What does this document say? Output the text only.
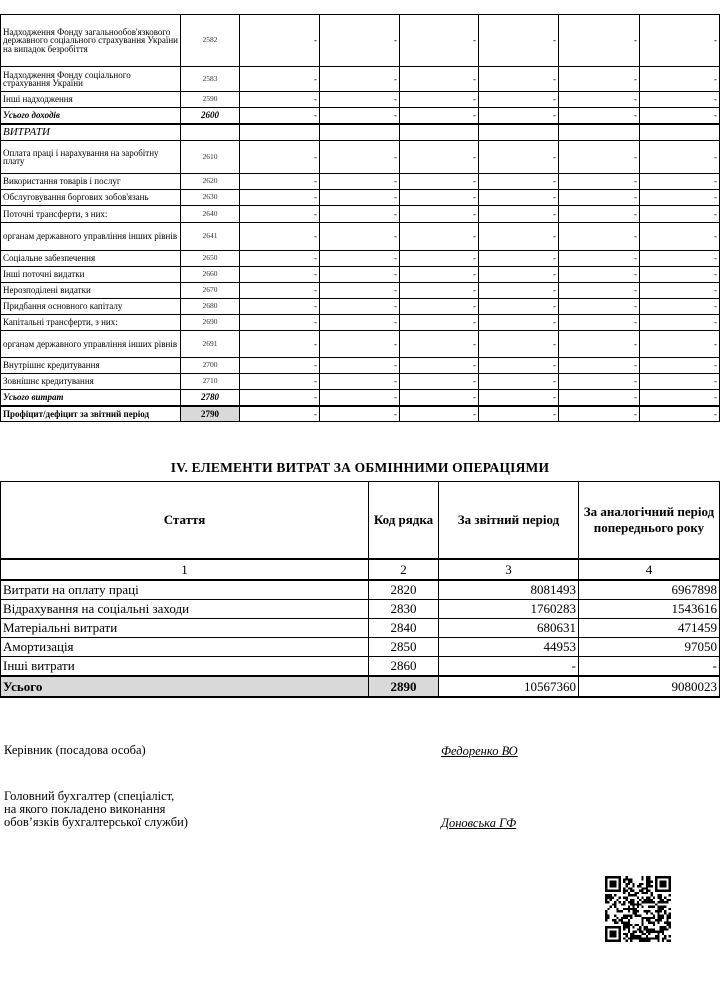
Надходження Фонду загальнообов'язкового державного соціального страхування України на випадок безробіття	2582	-	-	-	-	-	-
Надходження Фонду соціального страхування України	2583	-	-	-	-	-	-
Інші надходження	2590	-	-	-	-	-	-
Усього доходів	2600	-	-	-	-	-	-
ВИТРАТИ							
Оплата праці і нарахування на заробітну плату	2610	-	-	-	-	-	-
Використання товарів і послуг	2620	-	-	-	-	-	-
Обслуговування боргових зобов'язань	2630	-	-	-	-	-	-
Поточні трансферти, з них:	2640	-	-	-	-	-	-
органам державного управління інших рівнів	2641	-	-	-	-	-	-
Соціальне забезпечення	2650	-	-	-	-	-	-
Інші поточні видатки	2660	-	-	-	-	-	-
Нерозподілені видатки	2670	-	-	-	-	-	-
Придбання основного капіталу	2680	-	-	-	-	-	-
Капітальні трансферти, з них:	2690	-	-	-	-	-	-
органам державного управління інших рівнів	2691	-	-	-	-	-	-
Внутрішнє кредитування	2700	-	-	-	-	-	-
Зовнішнє кредитування	2710	-	-	-	-	-	-
Усього витрат	2780	-	-	-	-	-	-
Профіцит/дефіцит за звітний період	2790	-	-	-	-	-	-
IV. ЕЛЕМЕНТИ ВИТРАТ ЗА ОБМІННИМИ ОПЕРАЦІЯМИ
Стаття	Код рядка	За звітний період	За аналогічний період попереднього року
1	2	3	4
Витрати на оплату праці	2820	8081493	6967898
Відрахування на соціальні заходи	2830	1760283	1543616
Матеріальні витрати	2840	680631	471459
Амортизація	2850	44953	97050
Інші витрати	2860	-	-
Усього	2890	10567360	9080023
Керівник (посадова особа)	Федоренко ВО
Головний бухгалтер (спеціаліст,
на якого покладено виконання
обов’язків бухгалтерської служби)	Доновська ГФ
